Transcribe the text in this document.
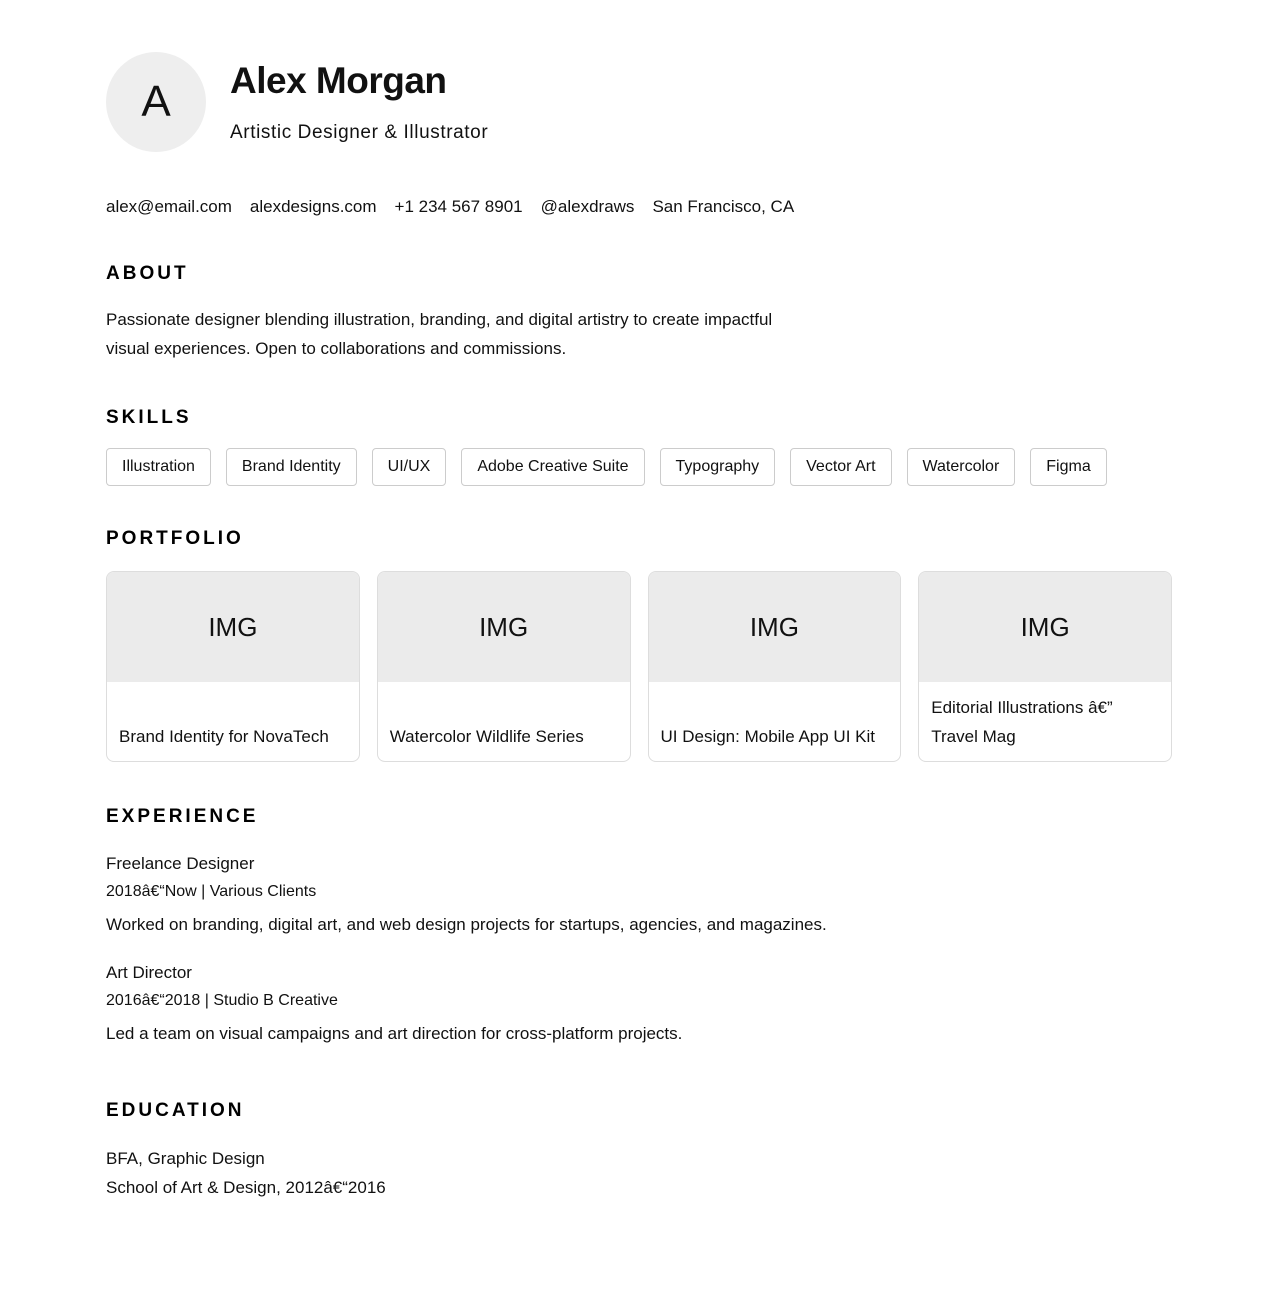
A	Alex Morgan
Artistic Designer & Illustrator
alex@email.com alexdesigns.com +1 234 567 8901 @alexdraws San Francisco, CA
ABOUT
Passionate designer blending illustration, branding, and digital artistry to create impactful
visual experiences. Open to collaborations and commissions.
SKILLS
Illustration	Brand Identity	UI/UX	Adobe Creative Suite	Typography	Vector Art	Watercolor	Figma
PORTFOLIO
IMG
Brand Identity for NovaTech
IMG
Watercolor Wildlife Series
IMG
UI Design: Mobile App UI Kit
IMG
Editorial Illustrations â€” Travel Mag
EXPERIENCE
Freelance Designer
2018â€“Now | Various Clients
Worked on branding, digital art, and web design projects for startups, agencies, and magazines.
Art Director
2016â€“2018 | Studio B Creative
Led a team on visual campaigns and art direction for cross-platform projects.
EDUCATION
BFA, Graphic Design
School of Art & Design, 2012â€“2016
